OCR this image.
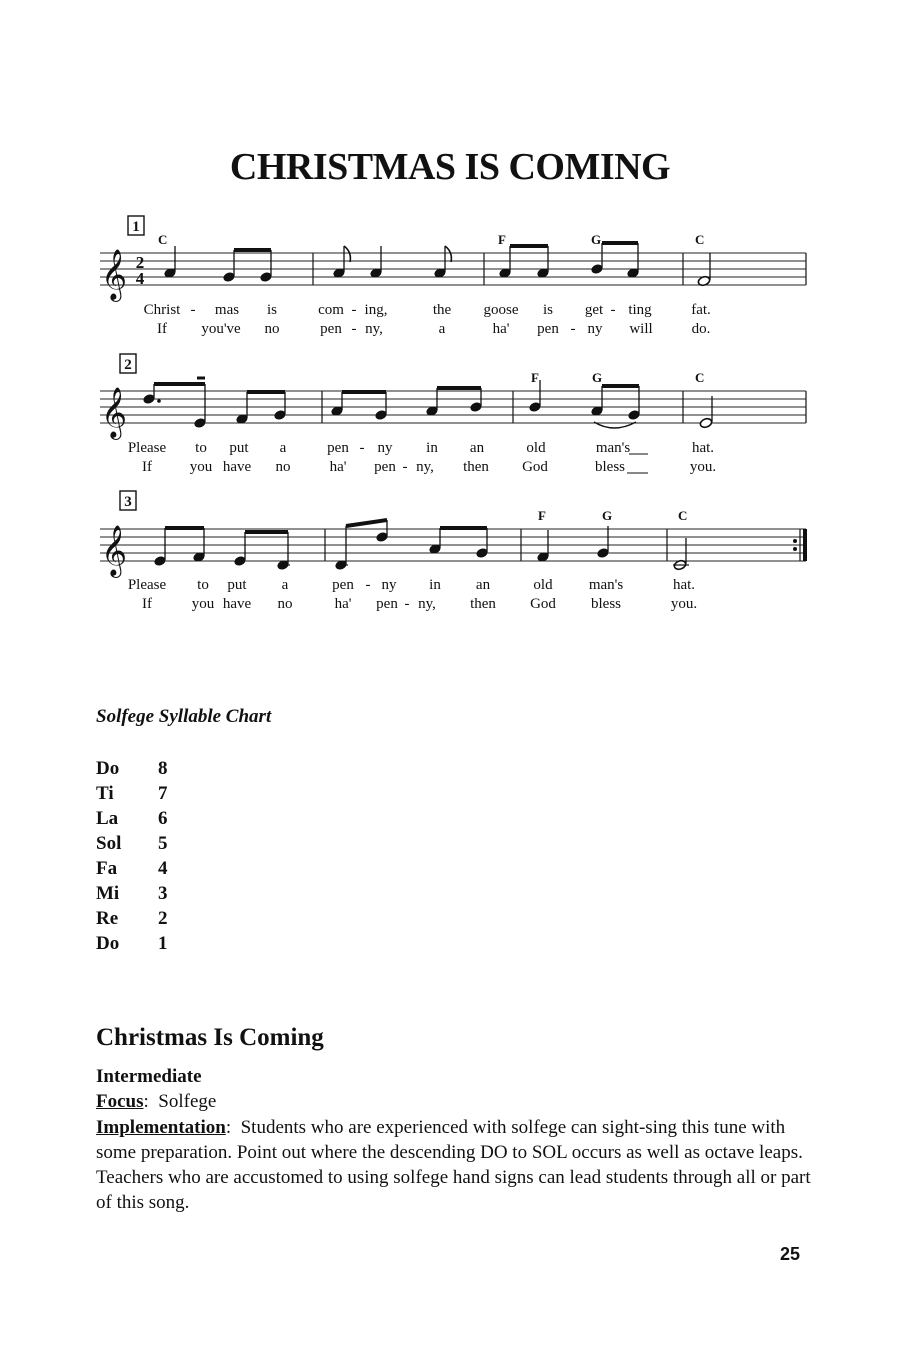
CHRISTMAS IS COMING
1
𝄞 2
4
C	F	G	C
Christ - mas is	com - ing,	the goose is get - ting	fat.
If you've no	pen - ny,	a	ha' pen - ny will	do.
2
𝄞
F	G	C
Please to put a	pen - ny in an	old	man's	hat.
If	you have no	ha' pen - ny, then God	bless	you.
3
𝄞
F	G	C
Please to put a	pen - ny in an	old man's	hat.
If	you have no	ha' pen - ny, then God bless	you.
Solfege Syllable Chart
Do	8
Ti	7
La	6
Sol	5
Fa	4
Mi	3
Re	2
Do	1
Christmas Is Coming
Intermediate
Focus:  Solfege
Implementation:  Students who are experienced with solfege can sight-sing this tune with some preparation. Point out where the descending DO to SOL occurs as well as octave leaps. Teachers who are accustomed to using solfege hand signs can lead students through all or part of this song.
25
